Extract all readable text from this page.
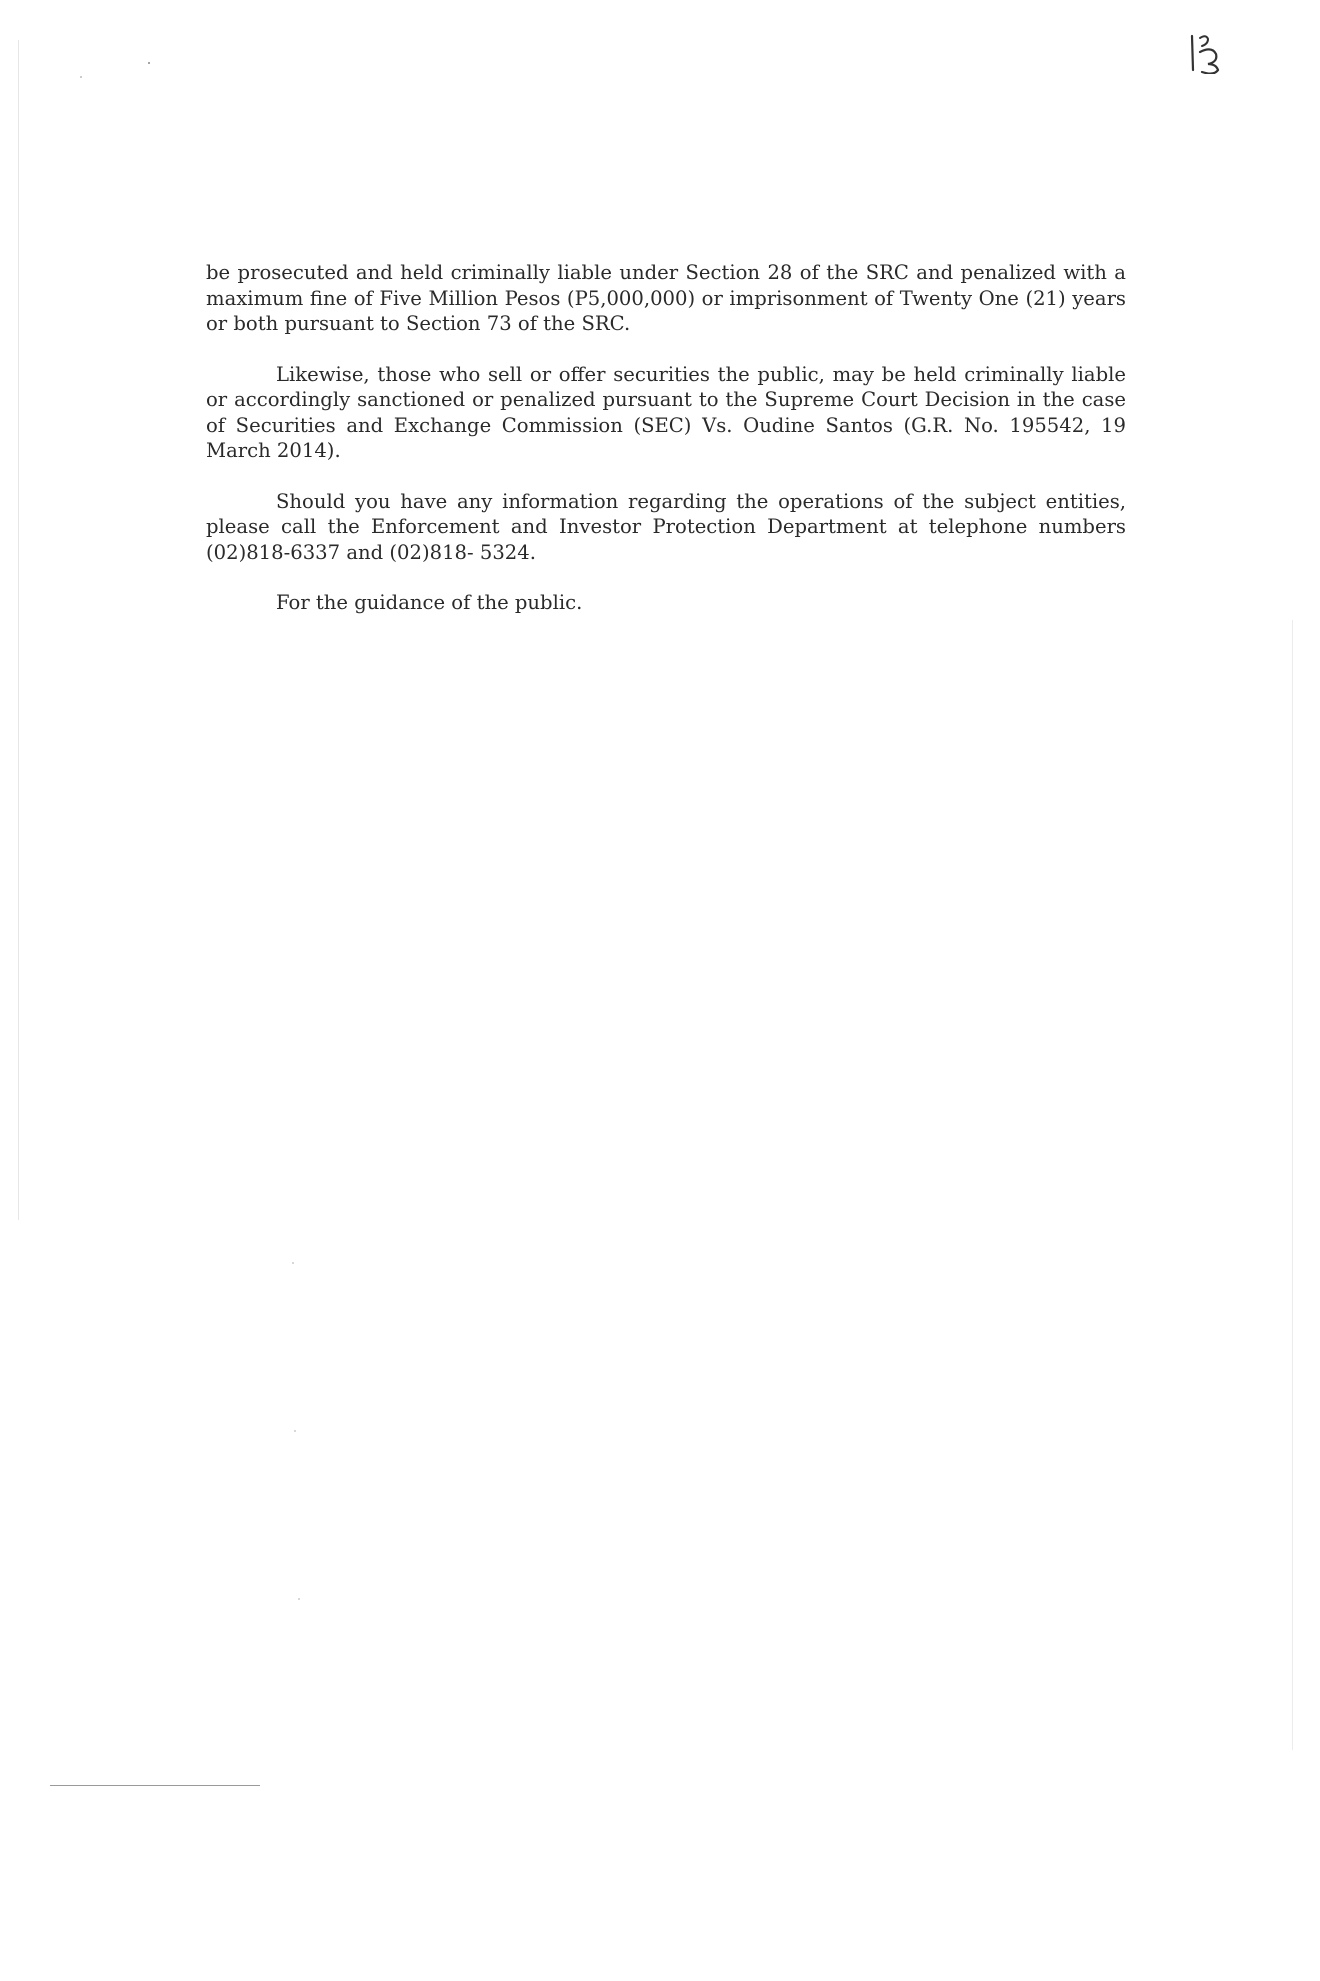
be prosecuted and held criminally liable under Section 28 of the SRC and penalized with a maximum fine of Five Million Pesos (P5,000,000) or imprisonment of Twenty One (21) years or both pursuant to Section 73 of the SRC.

Likewise, those who sell or offer securities the public, may be held criminally liable or accordingly sanctioned or penalized pursuant to the Supreme Court Decision in the case of Securities and Exchange Commission (SEC) Vs. Oudine Santos (G.R. No. 195542, 19 March 2014).

Should you have any information regarding the operations of the subject entities, please call the Enforcement and Investor Protection Department at telephone numbers (02)818-6337 and (02)818- 5324.

For the guidance of the public.
